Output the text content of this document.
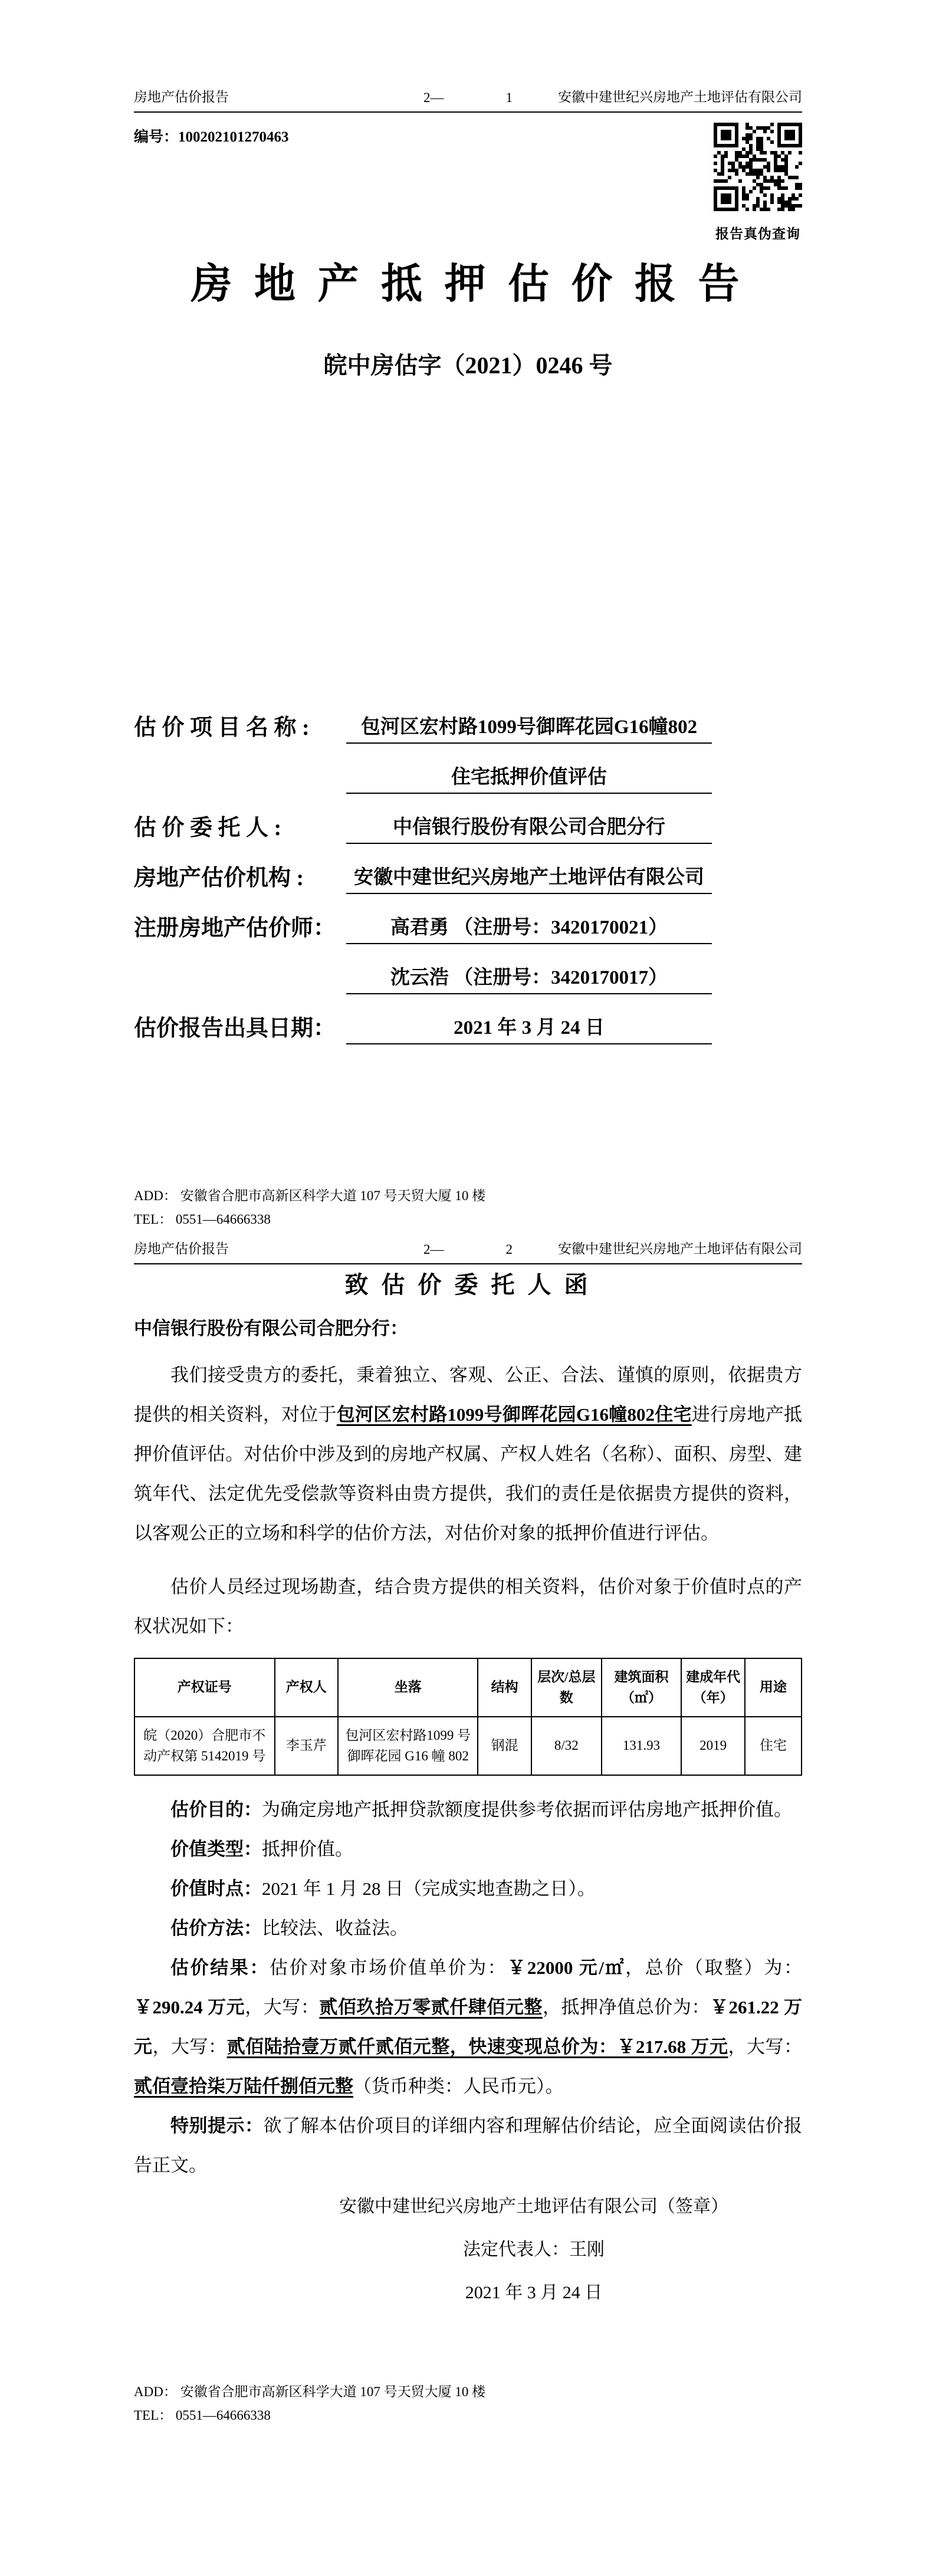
房地产估价报告	2—	1	安徽中建世纪兴房地产土地评估有限公司
编号：100202101270463
报告真伪查询
房 地 产 抵 押 估 价 报 告
皖中房估字（2021）0246 号
估 价 项 目 名 称 :	包河区宏村路1099号御晖花园G16幢802
住宅抵押价值评估
估 价 委 托 人 :	中信银行股份有限公司合肥分行
房地产估价机构 :	安徽中建世纪兴房地产土地评估有限公司
注册房地产估价师：	高君勇 （注册号：3420170021）
沈云浩 （注册号：3420170017）
估价报告出具日期：	2021 年 3 月 24 日
ADD： 安徽省合肥市高新区科学大道 107 号天贸大厦 10 楼
TEL： 0551—64666338
房地产估价报告	2—	2	安徽中建世纪兴房地产土地评估有限公司
致 估 价 委 托 人 函
中信银行股份有限公司合肥分行：

我们接受贵方的委托，秉着独立、客观、公正、合法、谨慎的原则，依据贵方提供的相关资料，对位于包河区宏村路1099号御晖花园G16幢802住宅进行房地产抵押价值评估。对估价中涉及到的房地产权属、产权人姓名（名称）、面积、房型、建筑年代、法定优先受偿款等资料由贵方提供，我们的责任是依据贵方提供的资料，以客观公正的立场和科学的估价方法，对估价对象的抵押价值进行评估。

估价人员经过现场勘查，结合贵方提供的相关资料，估价对象于价值时点的产权状况如下：

产权证号	产权人	坐落	结构	层次/总层数	建筑面积（㎡）	建成年代（年）	用途
皖（2020）合肥市不动产权第 5142019 号	李玉芹	包河区宏村路1099 号御晖花园 G16 幢 802	钢混	8/32	131.93	2019	住宅

估价目的：为确定房地产抵押贷款额度提供参考依据而评估房地产抵押价值。

价值类型：抵押价值。

价值时点：2021 年 1 月 28 日（完成实地查勘之日）。

估价方法：比较法、收益法。

估价结果：估价对象市场价值单价为：￥22000 元/㎡，总价（取整）为：￥290.24 万元，大写：贰佰玖拾万零贰仟肆佰元整，抵押净值总价为：￥261.22 万元，大写：贰佰陆拾壹万贰仟贰佰元整，快速变现总价为：￥217.68 万元，大写：贰佰壹拾柒万陆仟捌佰元整（货币种类：人民币元）。

特别提示：欲了解本估价项目的详细内容和理解估价结论，应全面阅读估价报告正文。

安徽中建世纪兴房地产土地评估有限公司（签章）
法定代表人：王刚
2021 年 3 月 24 日
ADD： 安徽省合肥市高新区科学大道 107 号天贸大厦 10 楼
TEL： 0551—64666338
